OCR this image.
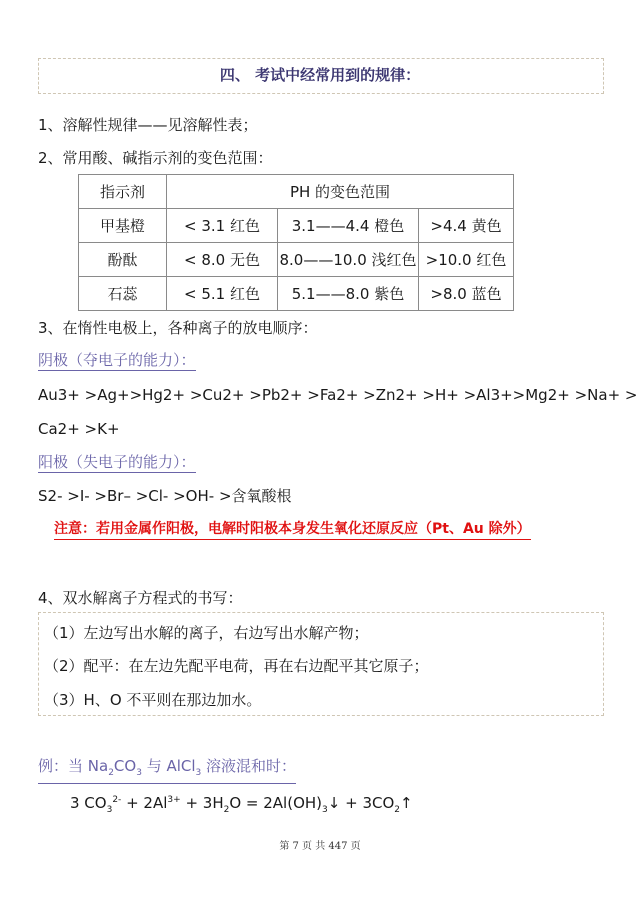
四、 考试中经常用到的规律：
1、溶解性规律——见溶解性表；
2、常用酸、碱指示剂的变色范围：
指示剂	PH 的变色范围		
甲基橙	< 3.1 红色	3.1——4.4 橙色	>4.4 黄色
酚酞	< 8.0 无色	8.0——10.0 浅红色	>10.0 红色
石蕊	< 5.1 红色	5.1——8.0 紫色	>8.0 蓝色
3、在惰性电极上，各种离子的放电顺序：
阴极（夺电子的能力）：
Au3+ >Ag+>Hg2+ >Cu2+ >Pb2+ >Fa2+ >Zn2+ >H+ >Al3+>Mg2+ >Na+ >
Ca2+ >K+
阳极（失电子的能力）：
S2- >I- >Br– >Cl- >OH- >含氧酸根
注意：若用金属作阳极，电解时阳极本身发生氧化还原反应（Pt、Au 除外）
4、双水解离子方程式的书写：
（1）左边写出水解的离子，右边写出水解产物；
（2）配平：在左边先配平电荷，再在右边配平其它原子；
（3）H、O 不平则在那边加水。
例：当 $Na_2CO_3$ 与 AlCl$_3$ 溶液混和时：
3 $CO_3^{2-} + 2Al^{3+} + 3H_2O$ = $2Al(OH)_3↓$ + $3CO_2↑$
第 7 页 共 447 页
